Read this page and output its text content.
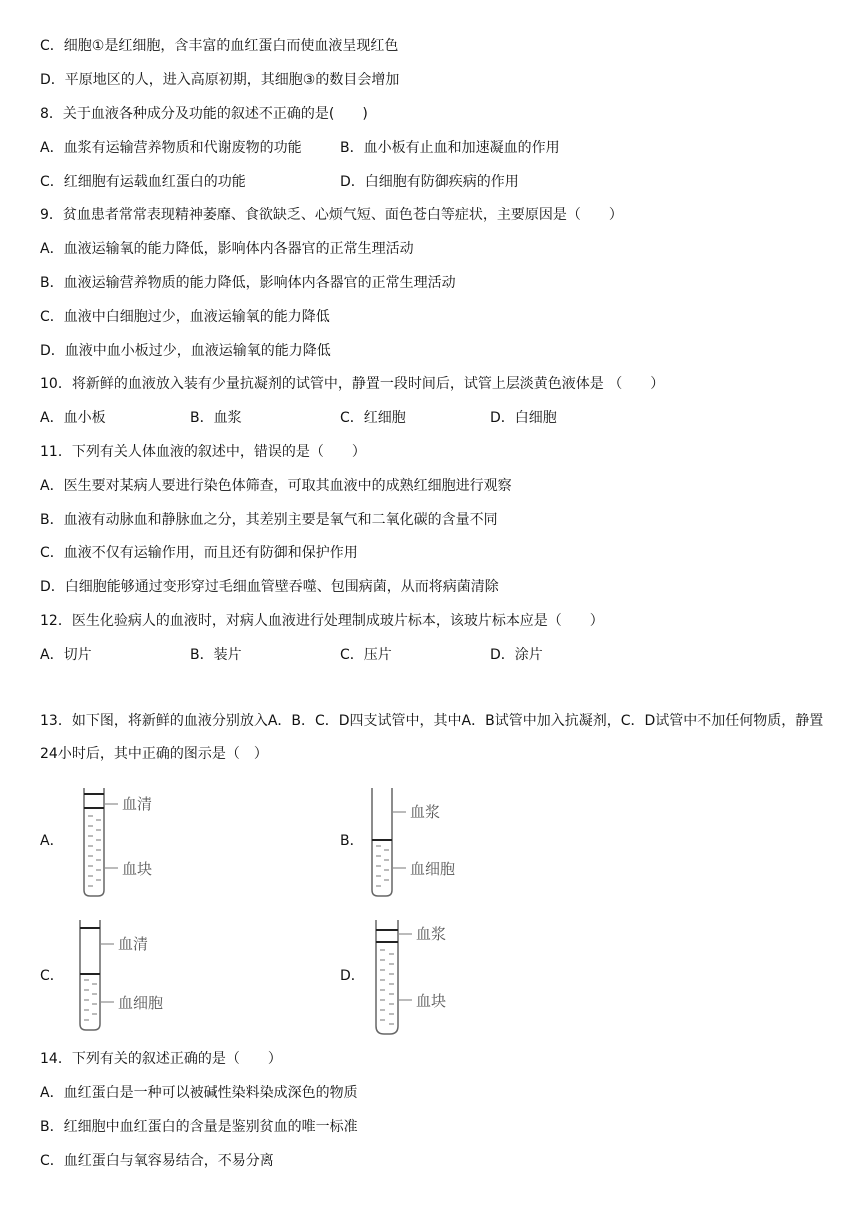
C．细胞①是红细胞，含丰富的血红蛋白而使血液呈现红色
D．平原地区的人，进入高原初期，其细胞③的数目会增加
8．关于血液各种成分及功能的叙述不正确的是(　　)
A．血浆有运输营养物质和代谢废物的功能	B．血小板有止血和加速凝血的作用
C．红细胞有运载血红蛋白的功能	D．白细胞有防御疾病的作用
9．贫血患者常常表现精神萎靡、食欲缺乏、心烦气短、面色苍白等症状，主要原因是（　　）
A．血液运输氧的能力降低，影响体内各器官的正常生理活动
B．血液运输营养物质的能力降低，影响体内各器官的正常生理活动
C．血液中白细胞过少，血液运输氧的能力降低
D．血液中血小板过少，血液运输氧的能力降低
10．将新鲜的血液放入装有少量抗凝剂的试管中，静置一段时间后，试管上层淡黄色液体是 （　　）
A．血小板	B．血浆	C．红细胞	D．白细胞
11．下列有关人体血液的叙述中，错误的是（　　）
A．医生要对某病人要进行染色体筛查，可取其血液中的成熟红细胞进行观察
B．血液有动脉血和静脉血之分，其差别主要是氧气和二氧化碳的含量不同
C．血液不仅有运输作用，而且还有防御和保护作用
D．白细胞能够通过变形穿过毛细血管壁吞噬、包围病菌，从而将病菌清除
12．医生化验病人的血液时，对病人血液进行处理制成玻片标本，该玻片标本应是（　　）
A．切片	B．装片	C．压片	D．涂片
13．如下图，将新鲜的血液分别放入A．B．C．D四支试管中，其中A．B试管中加入抗凝剂，C．D试管中不加任何物质，静置24小时后，其中正确的图示是（　）
A．
血清
血块
B．
血浆
血细胞
C．
血清
血细胞
D．
血浆
血块
14．下列有关的叙述正确的是（　　）
A．血红蛋白是一种可以被碱性染料染成深色的物质
B．红细胞中血红蛋白的含量是鉴别贫血的唯一标准
C．血红蛋白与氧容易结合，不易分离
